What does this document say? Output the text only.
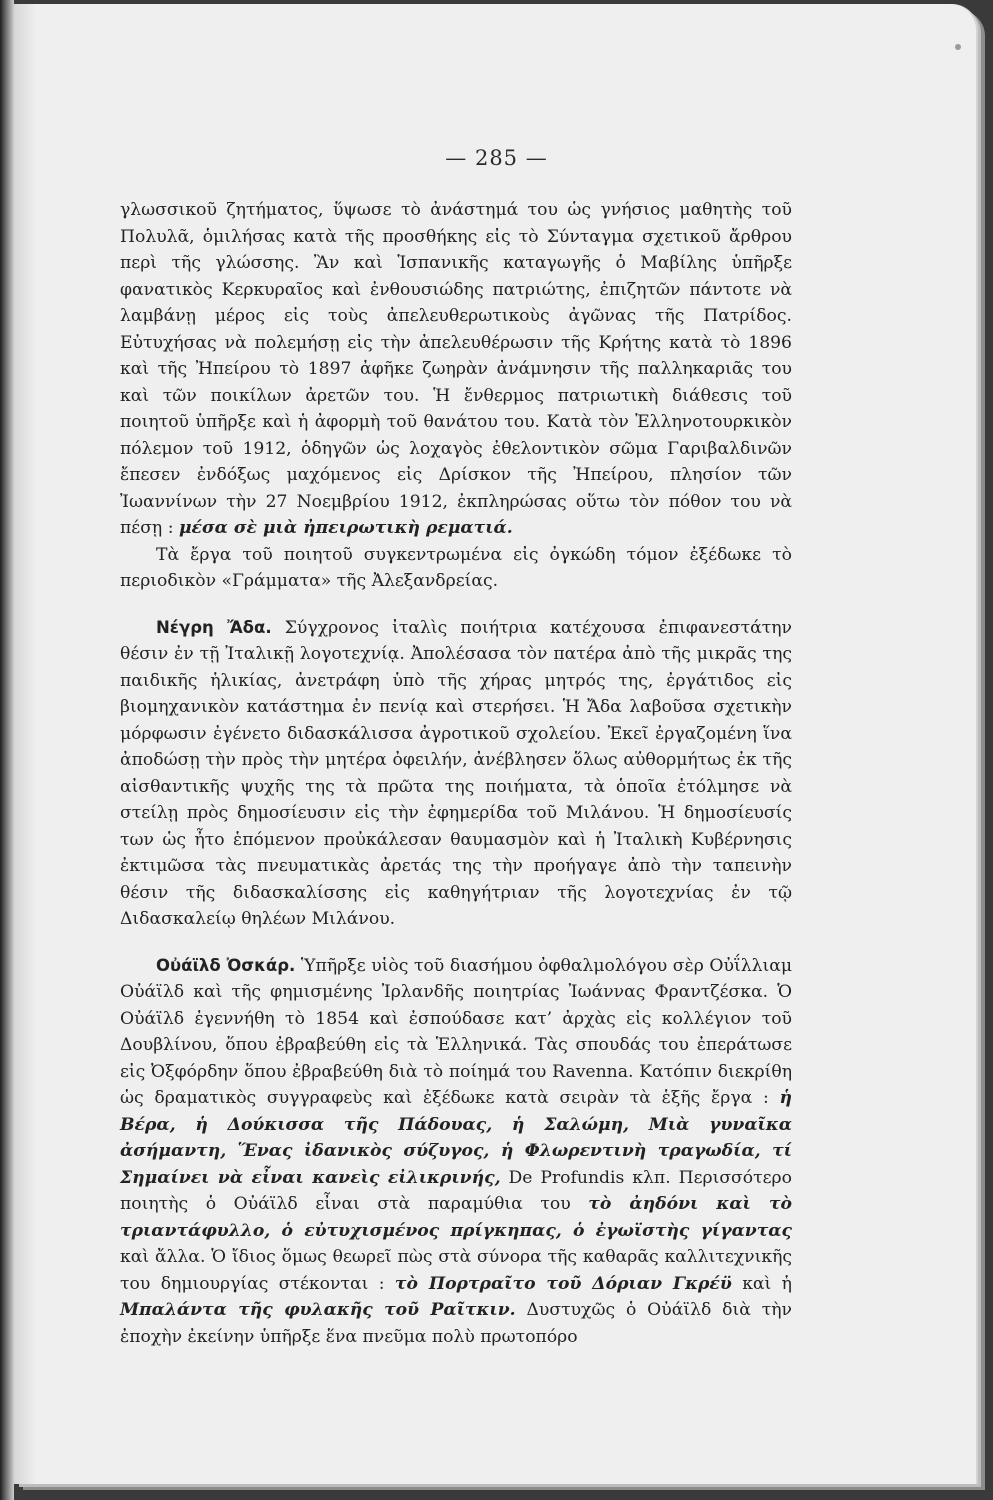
— 285 —

γλωσσικοῦ ζητήματος, ὕψωσε τὸ ἀνάστημά του ὡς γνήσιος μαθητὴς τοῦ Πολυλᾶ, ὁμιλήσας κατὰ τῆς προσθήκης εἰς τὸ Σύνταγμα σχετικοῦ ἄρθρου περὶ τῆς γλώσσης. Ἂν καὶ Ἱσπανικῆς καταγωγῆς ὁ Μαβίλης ὑπῆρξε φανατικὸς Κερκυραῖος καὶ ἐνθουσιώδης πατριώτης, ἐπιζητῶν πάντοτε νὰ λαμβάνῃ μέρος εἰς τοὺς ἀπελευθερωτικοὺς ἀγῶνας τῆς Πατρίδος. Εὐτυχήσας νὰ πολεμήσῃ εἰς τὴν ἀπελευθέρωσιν τῆς Κρήτης κατὰ τὸ 1896 καὶ τῆς Ἠπείρου τὸ 1897 ἀφῆκε ζωηρὰν ἀνάμνησιν τῆς παλληκαριᾶς του καὶ τῶν ποικίλων ἀρετῶν του. Ἡ ἔνθερμος πατριωτικὴ διάθεσις τοῦ ποιητοῦ ὑπῆρξε καὶ ἡ ἀφορμὴ τοῦ θανάτου του. Κατὰ τὸν Ἑλληνοτουρκικὸν πόλεμον τοῦ 1912, ὁδηγῶν ὡς λοχαγὸς ἐθελοντικὸν σῶμα Γαριβαλδινῶν ἔπεσεν ἐνδόξως μαχόμενος εἰς Δρίσκον τῆς Ἠπείρου, πλησίον τῶν Ἰωαννίνων τὴν 27 Νοεμβρίου 1912, ἐκπληρώσας οὕτω τὸν πόθον του νὰ πέσῃ : μέσα σὲ μιὰ ἠπειρωτικὴ ρεματιά.

Τὰ ἔργα τοῦ ποιητοῦ συγκεντρωμένα εἰς ὀγκώδη τόμον ἐξέδωκε τὸ περιοδικὸν «Γράμματα» τῆς Ἀλεξανδρείας.

Νέγρη Ἄδα. Σύγχρονος ἰταλὶς ποιήτρια κατέχουσα ἐπιφανεστάτην θέσιν ἐν τῇ Ἰταλικῇ λογοτεχνίᾳ. Ἀπολέσασα τὸν πατέρα ἀπὸ τῆς μικρᾶς της παιδικῆς ἡλικίας, ἀνετράφη ὑπὸ τῆς χήρας μητρός της, ἐργάτιδος εἰς βιομηχανικὸν κατάστημα ἐν πενίᾳ καὶ στερήσει. Ἡ Ἄδα λαβοῦσα σχετικὴν μόρφωσιν ἐγένετο διδασκάλισσα ἀγροτικοῦ σχολείου. Ἐκεῖ ἐργαζομένη ἵνα ἀποδώσῃ τὴν πρὸς τὴν μητέρα ὀφειλήν, ἀνέβλησεν ὅλως αὐθορμήτως ἐκ τῆς αἰσθαντικῆς ψυχῆς της τὰ πρῶτα της ποιήματα, τὰ ὁποῖα ἐτόλμησε νὰ στείλῃ πρὸς δημοσίευσιν εἰς τὴν ἐφημερίδα τοῦ Μιλάνου. Ἡ δημοσίευσίς των ὡς ἦτο ἑπόμενον προὐκάλεσαν θαυμασμὸν καὶ ἡ Ἰταλικὴ Κυβέρνησις ἐκτιμῶσα τὰς πνευματικὰς ἀρετάς της τὴν προήγαγε ἀπὸ τὴν ταπεινὴν θέσιν τῆς διδασκαλίσσης εἰς καθηγήτριαν τῆς λογοτεχνίας ἐν τῷ Διδασκαλείῳ θηλέων Μιλάνου.

Οὐάϊλδ Ὀσκάρ. Ὑπῆρξε υἱὸς τοῦ διασήμου ὀφθαλμολόγου σὲρ Οὐΐλλιαμ Οὐάϊλδ καὶ τῆς φημισμένης Ἰρλανδῆς ποιητρίας Ἰωάννας Φραντζέσκα. Ὁ Οὐάϊλδ ἐγεννήθη τὸ 1854 καὶ ἐσπούδασε κατ’ ἀρχὰς εἰς κολλέγιον τοῦ Δουβλίνου, ὅπου ἐβραβεύθη εἰς τὰ Ἑλληνικά. Τὰς σπουδάς του ἐπεράτωσε εἰς Ὀξφόρδην ὅπου ἐβραβεύθη διὰ τὸ ποίημά του Ravenna. Κατόπιν διεκρίθη ὡς δραματικὸς συγγραφεὺς καὶ ἐξέδωκε κατὰ σειρὰν τὰ ἑξῆς ἔργα : ἡ Βέρα, ἡ Δούκισσα τῆς Πάδουας, ἡ Σαλώμη, Μιὰ γυναῖκα ἀσήμαντη, Ἕνας ἰδανικὸς σύζυγος, ἡ Φλωρεντινὴ τραγωδία, τί Σημαίνει νὰ εἶναι κανεὶς εἰλικρινής, De Profundis κλπ. Περισσότερο ποιητὴς ὁ Οὐάϊλδ εἶναι στὰ παραμύθια του τὸ ἀηδόνι καὶ τὸ τριαντάφυλλο, ὁ εὐτυχισμένος πρίγκηπας, ὁ ἐγωϊστὴς γίγαντας καὶ ἄλλα. Ὁ ἴδιος ὅμως θεωρεῖ πὼς στὰ σύνορα τῆς καθαρᾶς καλλιτεχνικῆς του δημιουργίας στέκονται : τὸ Πορτραῖτο τοῦ Δόριαν Γκρέϋ καὶ ἡ Μπαλάντα τῆς φυλακῆς τοῦ Ραῖτκιν. Δυστυχῶς ὁ Οὐάϊλδ διὰ τὴν ἐποχὴν ἐκείνην ὑπῆρξε ἕνα πνεῦμα πολὺ πρωτοπόρο
